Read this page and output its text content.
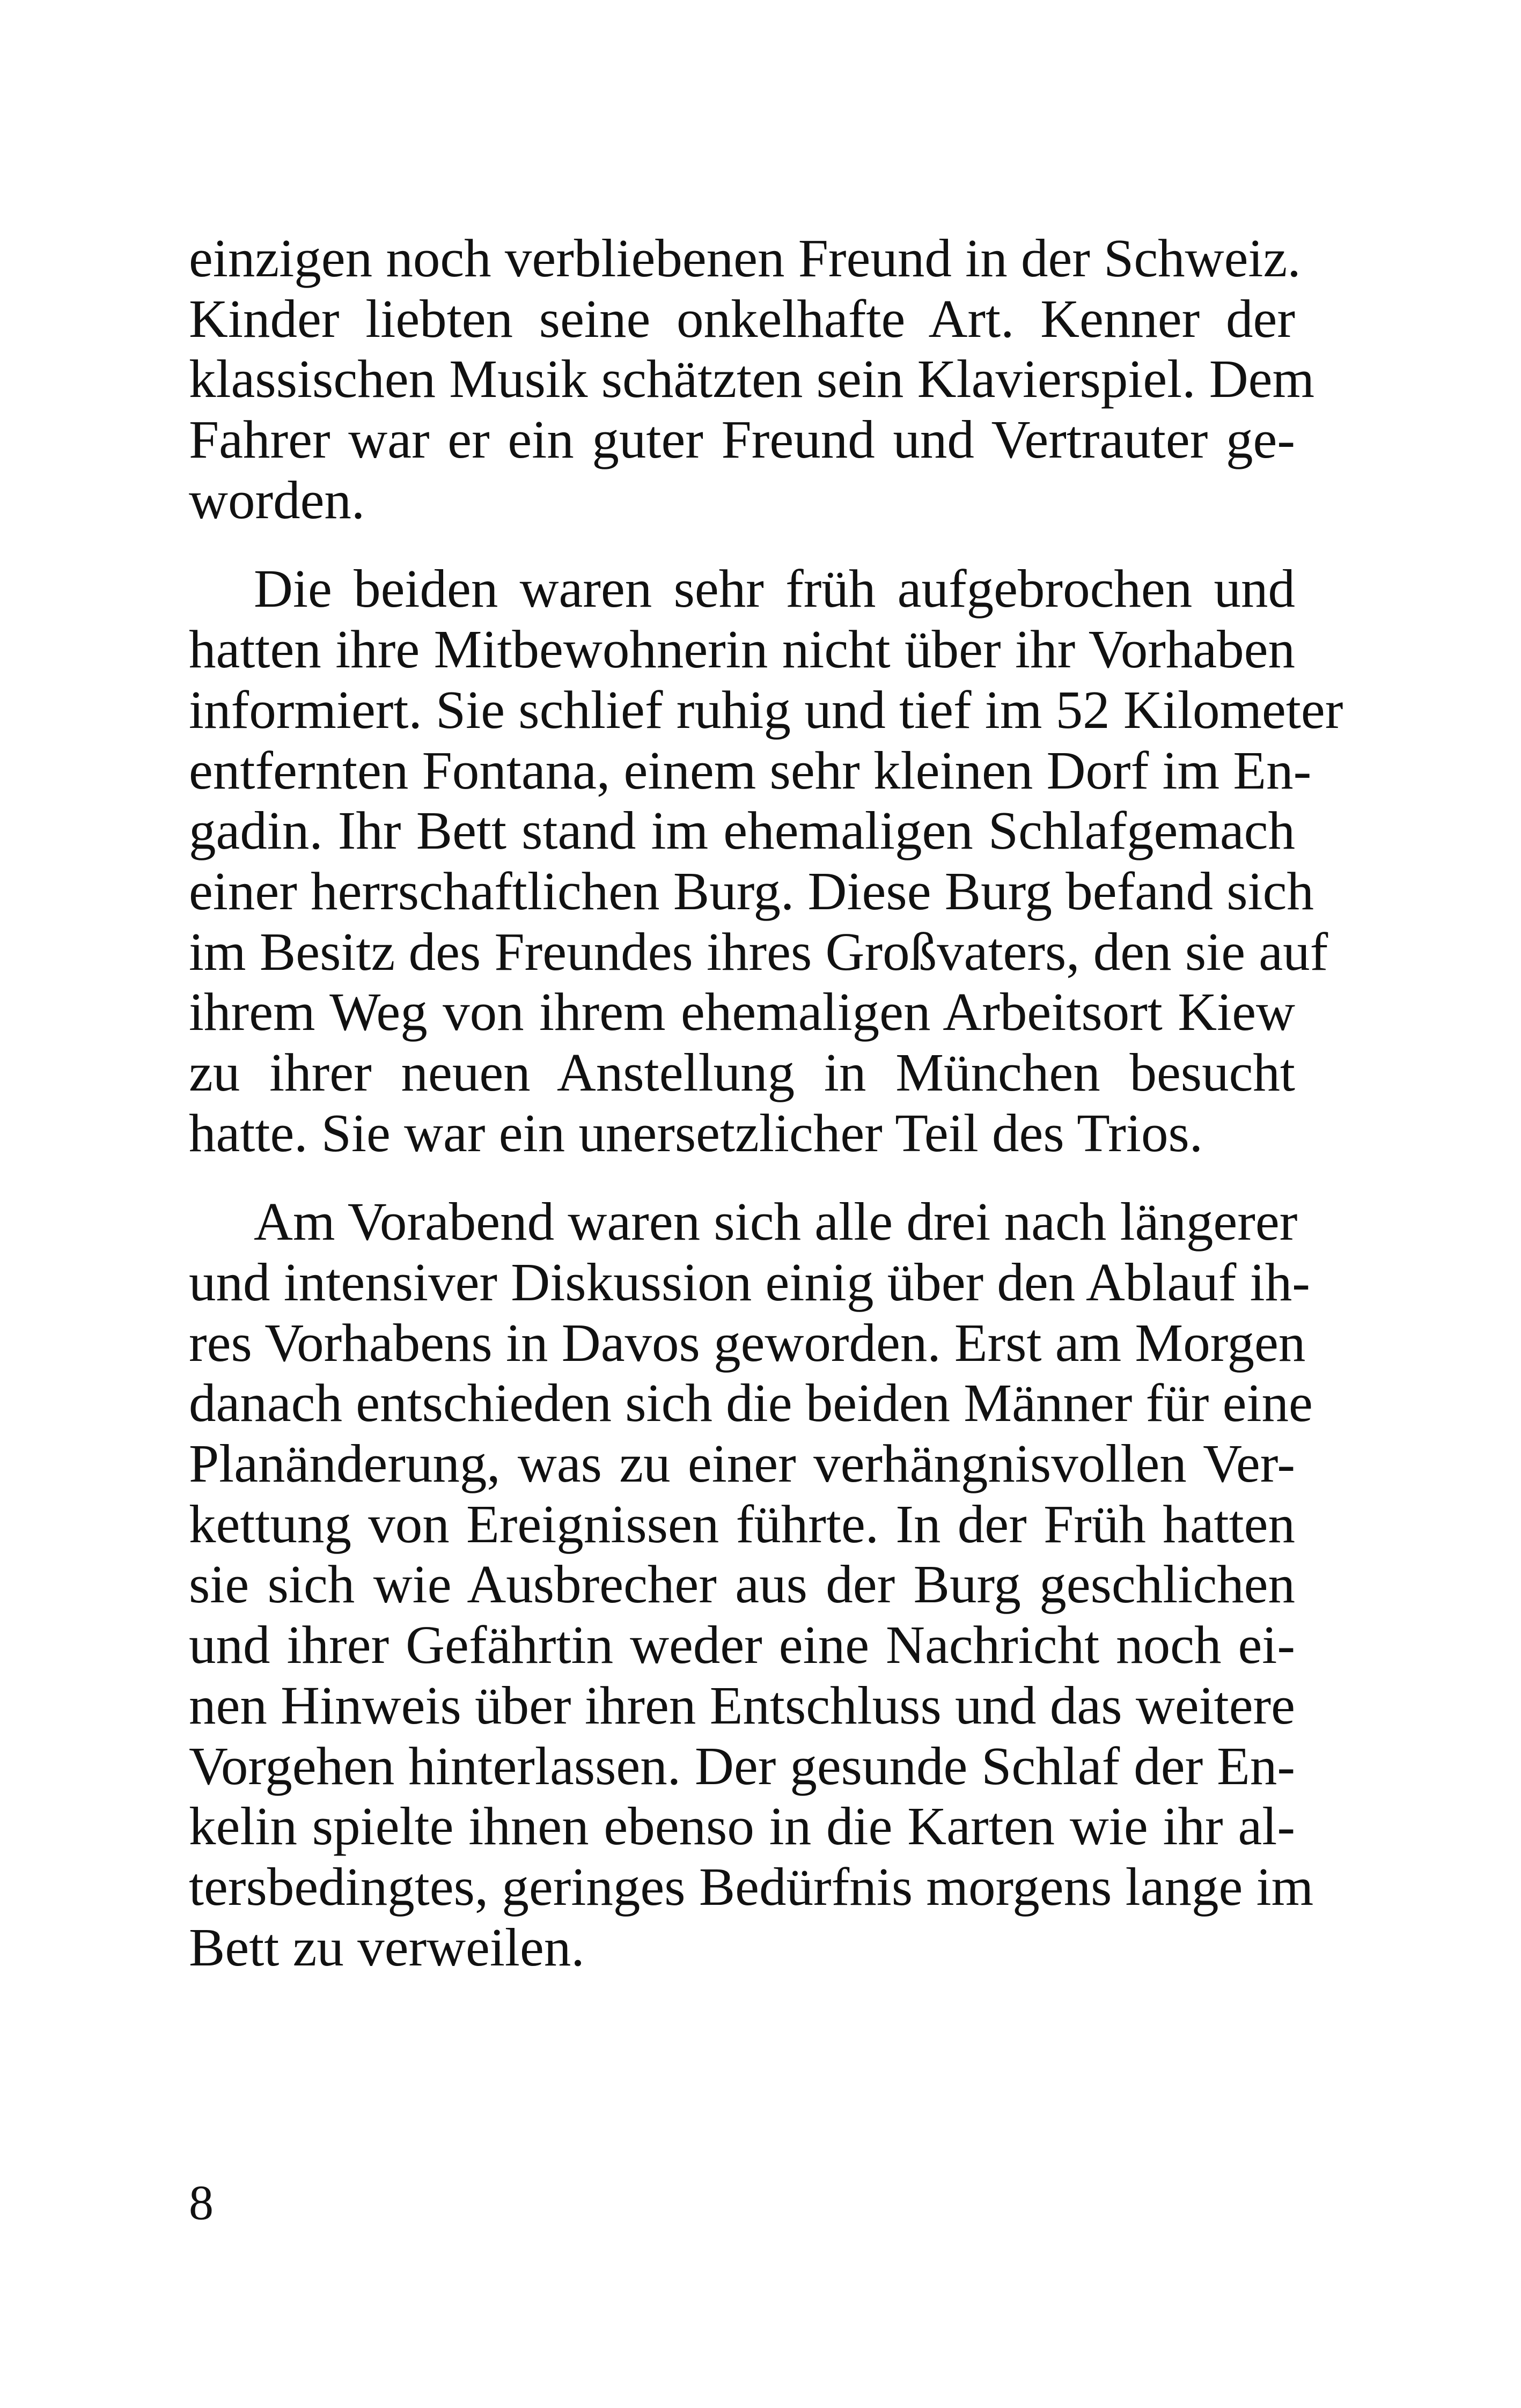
einzigen noch verbliebenen Freund in der Schweiz.
Kinder liebten seine onkelhafte Art. Kenner der
klassischen Musik schätzten sein Klavierspiel. Dem
Fahrer war er ein guter Freund und Vertrauter ge-
worden.
Die beiden waren sehr früh aufgebrochen und
hatten ihre Mitbewohnerin nicht über ihr Vorhaben
informiert. Sie schlief ruhig und tief im 52 Kilometer
entfernten Fontana, einem sehr kleinen Dorf im En-
gadin. Ihr Bett stand im ehemaligen Schlafgemach
einer herrschaftlichen Burg. Diese Burg befand sich
im Besitz des Freundes ihres Großvaters, den sie auf
ihrem Weg von ihrem ehemaligen Arbeitsort Kiew
zu ihrer neuen Anstellung in München besucht
hatte. Sie war ein unersetzlicher Teil des Trios.
Am Vorabend waren sich alle drei nach längerer
und intensiver Diskussion einig über den Ablauf ih-
res Vorhabens in Davos geworden. Erst am Morgen
danach entschieden sich die beiden Männer für eine
Planänderung, was zu einer verhängnisvollen Ver-
kettung von Ereignissen führte. In der Früh hatten
sie sich wie Ausbrecher aus der Burg geschlichen
und ihrer Gefährtin weder eine Nachricht noch ei-
nen Hinweis über ihren Entschluss und das weitere
Vorgehen hinterlassen. Der gesunde Schlaf der En-
kelin spielte ihnen ebenso in die Karten wie ihr al-
tersbedingtes, geringes Bedürfnis morgens lange im
Bett zu verweilen.
8
